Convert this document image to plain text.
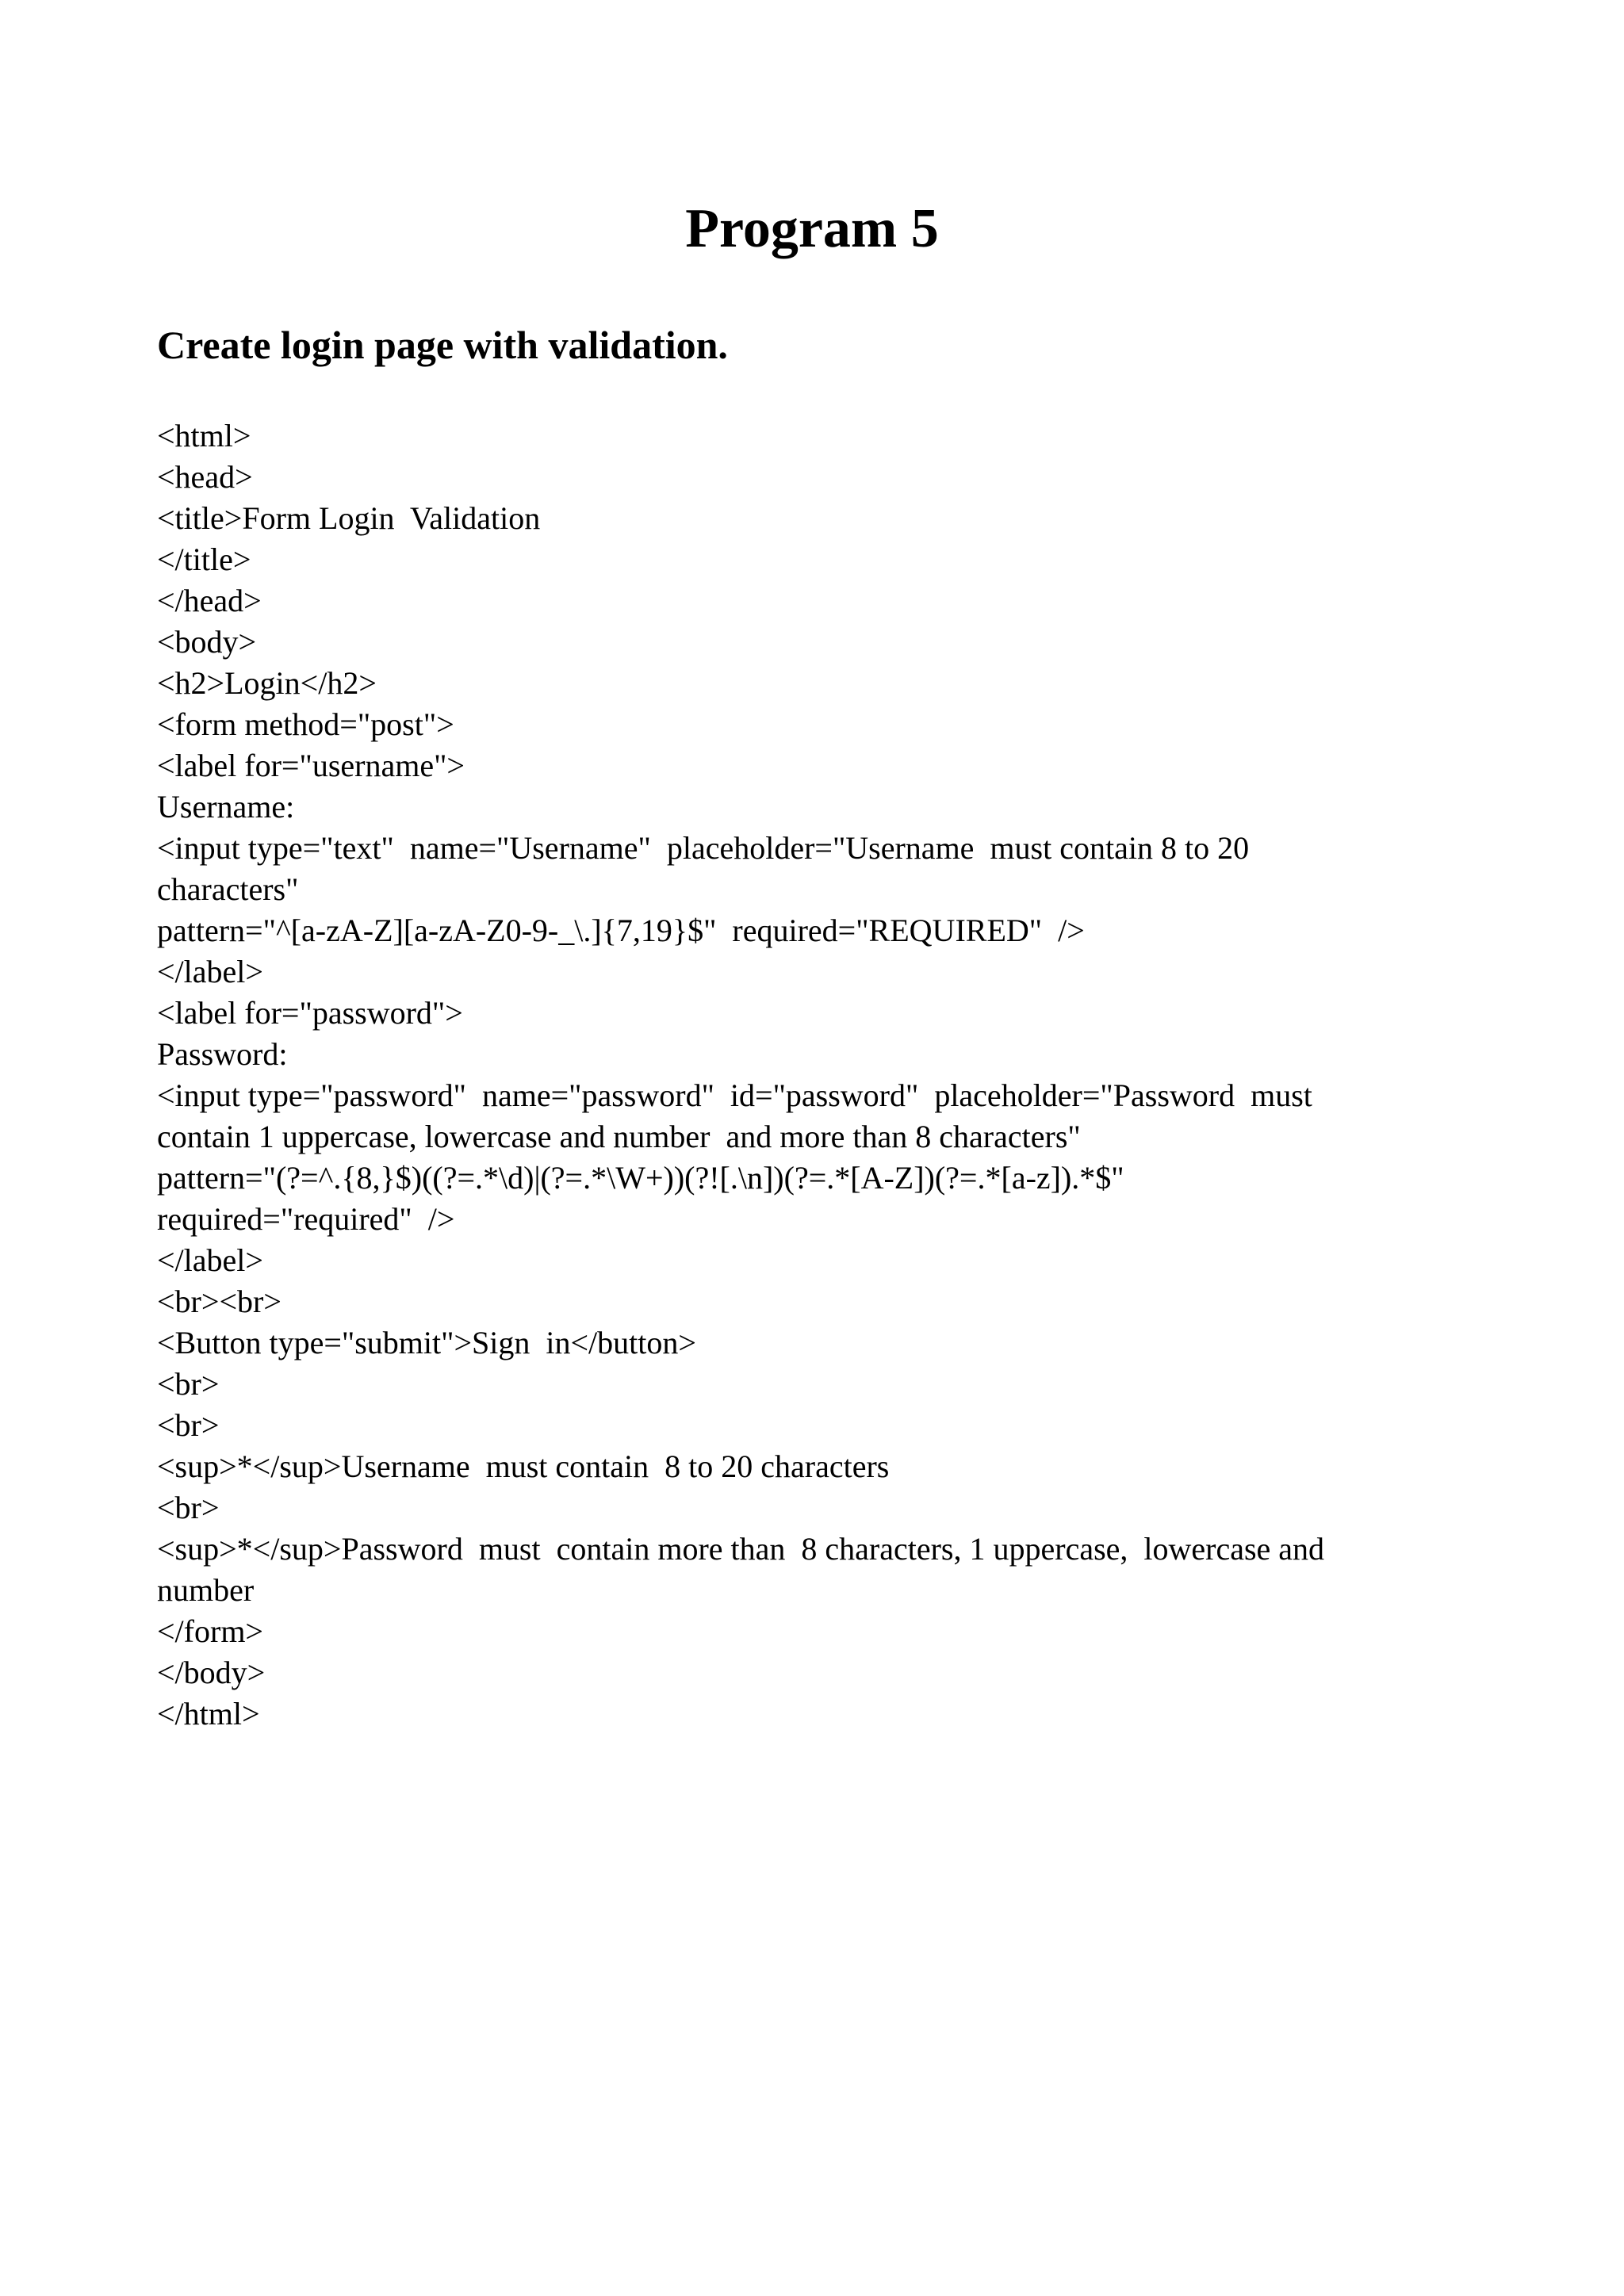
Program 5
Create login page with validation.
<html>
<head>
<title>Form Login  Validation
</title>
</head>
<body>
<h2>Login</h2>
<form method="post">
<label for="username">
Username:
<input type="text"  name="Username"  placeholder="Username  must contain 8 to 20
characters"
pattern="^[a-zA-Z][a-zA-Z0-9-_\.]{7,19}$"  required="REQUIRED"  />
</label>
<label for="password">
Password:
<input type="password"  name="password"  id="password"  placeholder="Password  must
contain 1 uppercase, lowercase and number  and more than 8 characters"
pattern="(?=^.{8,}$)((?=.*\d)|(?=.*\W+))(?![.\n])(?=.*[A-Z])(?=.*[a-z]).*$"
required="required"  />
</label>
<br><br>
<Button type="submit">Sign  in</button>
<br>
<br>
<sup>*</sup>Username  must contain  8 to 20 characters
<br>
<sup>*</sup>Password  must  contain more than  8 characters, 1 uppercase,  lowercase and
number
</form>
</body>
</html>
